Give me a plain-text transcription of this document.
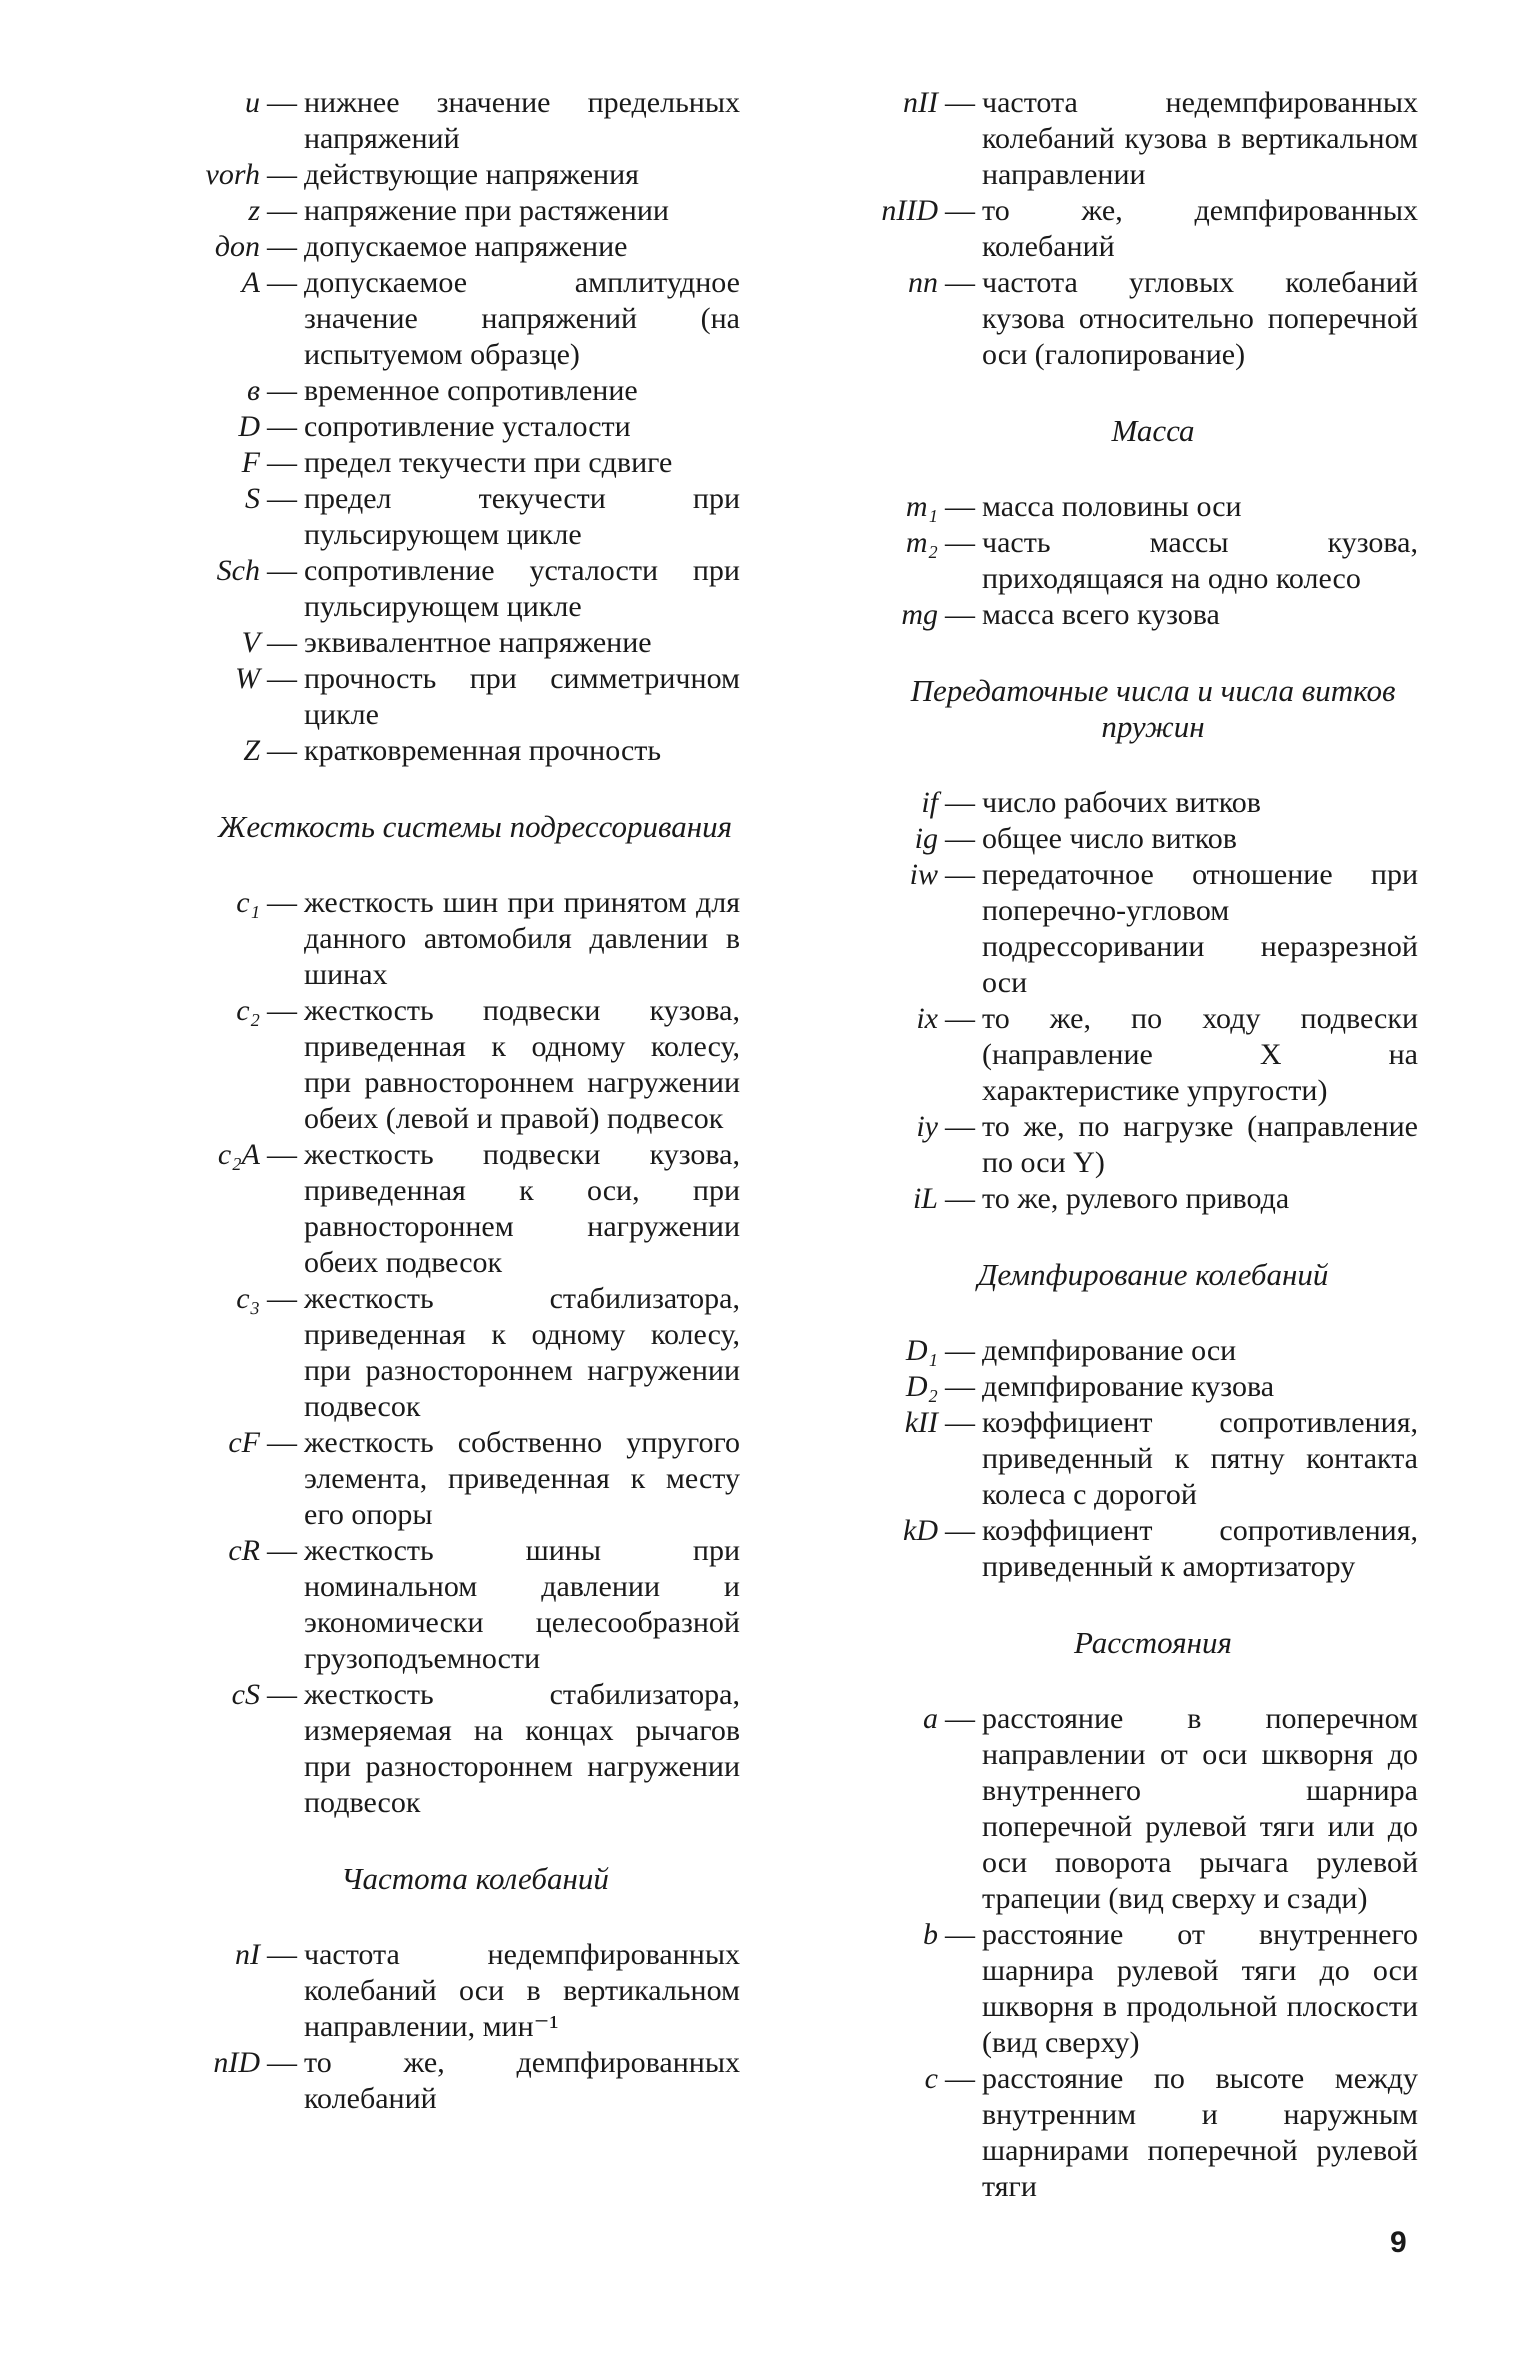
u — нижнее значение предельных напряжений
vorh — действующие напряжения
z — напряжение при растяжении
доп — допускаемое напряжение
A — допускаемое амплитудное значение напряжений (на испытуемом образце)
в — временное сопротивление
D — сопротивление усталости
F — предел текучести при сдвиге
S — предел текучести при пульсирующем цикле
Sch — сопротивление усталости при пульсирующем цикле
V — эквивалентное напряжение
W — прочность при симметричном цикле
Z — кратковременная прочность
Жесткость системы подрессоривания
c₁ — жесткость шин при принятом для данного автомобиля давлении в шинах
c₂ — жесткость подвески кузова, приведенная к одному колесу, при равностороннем нагружении обеих (левой и правой) подвесок
c₂A — жесткость подвески кузова, приведенная к оси, при равностороннем нагружении обеих подвесок
c₃ — жесткость стабилизатора, приведенная к одному колесу, при разностороннем нагружении подвесок
cF — жесткость собственно упругого элемента, приведенная к месту его опоры
cR — жесткость шины при номинальном давлении и экономически целесообразной грузоподъемности
cS — жесткость стабилизатора, измеряемая на концах рычагов при разностороннем нагружении подвесок
Частота колебаний
nI — частота недемпфированных колебаний оси в вертикальном направлении, мин⁻¹
nID — то же, демпфированных колебаний
nII — частота недемпфированных колебаний кузова в вертикальном направлении
nIID — то же, демпфированных колебаний
nn — частота угловых колебаний кузова относительно поперечной оси (галопирование)
Масса
m₁ — масса половины оси
m₂ — часть массы кузова, приходящаяся на одно колесо
mg — масса всего кузова
Передаточные числа и числа витков пружин
if — число рабочих витков
ig — общее число витков
iw — передаточное отношение при поперечно-угловом подрессоривании неразрезной оси
ix — то же, по ходу подвески (направление X на характеристике упругости)
iy — то же, по нагрузке (направление по оси Y)
iL — то же, рулевого привода
Демпфирование колебаний
D₁ — демпфирование оси
D₂ — демпфирование кузова
kII — коэффициент сопротивления, приведенный к пятну контакта колеса с дорогой
kD — коэффициент сопротивления, приведенный к амортизатору
Расстояния
a — расстояние в поперечном направлении от оси шкворня до внутреннего шарнира поперечной рулевой тяги или до оси поворота рычага рулевой трапеции (вид сверху и сзади)
b — расстояние от внутреннего шарнира рулевой тяги до оси шкворня в продольной плоскости (вид сверху)
c — расстояние по высоте между внутренним и наружным шарнирами поперечной рулевой тяги
9
